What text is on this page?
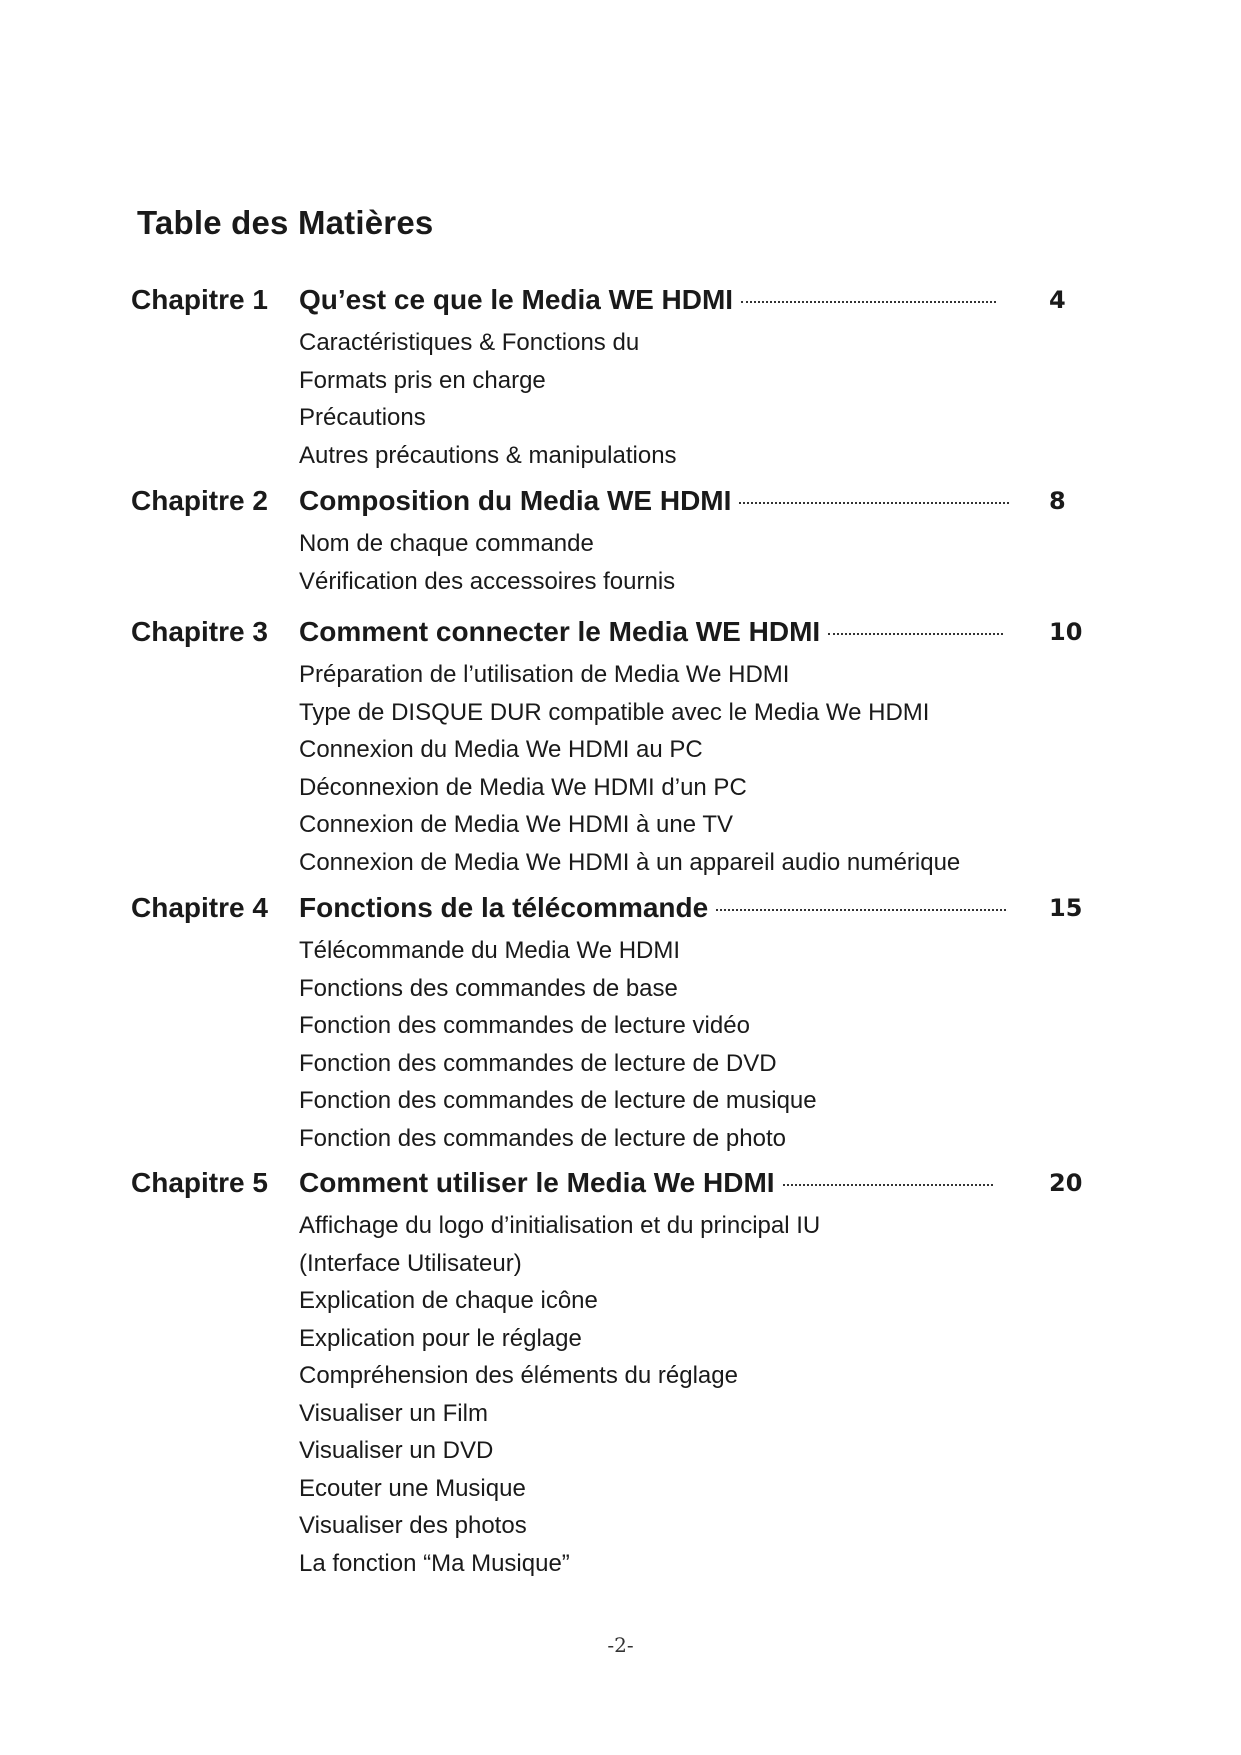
Table des Matières
Chapitre 1 Qu’est ce que le Media WE HDMI	4
Caractéristiques & Fonctions du
Formats pris en charge
Précautions
Autres précautions & manipulations
Chapitre 2 Composition du Media WE HDMI	8
Nom de chaque commande
Vérification des accessoires fournis
Chapitre 3 Comment connecter le Media WE HDMI	10
Préparation de l’utilisation de Media We HDMI
Type de DISQUE DUR compatible avec le Media We HDMI
Connexion du Media We HDMI au PC
Déconnexion de Media We HDMI d’un PC
Connexion de Media We HDMI à une TV
Connexion de Media We HDMI à un appareil audio numérique
Chapitre 4 Fonctions de la télécommande	15
Télécommande du Media We HDMI
Fonctions des commandes de base
Fonction des commandes de lecture vidéo
Fonction des commandes de lecture de DVD
Fonction des commandes de lecture de musique
Fonction des commandes de lecture de photo
Chapitre 5 Comment utiliser le Media We HDMI	20
Affichage du logo d’initialisation et du principal IU
(Interface Utilisateur)
Explication de chaque icône
Explication pour le réglage
Compréhension des éléments du réglage
Visualiser un Film
Visualiser un DVD
Ecouter une Musique
Visualiser des photos
La fonction “Ma Musique”
-2-
